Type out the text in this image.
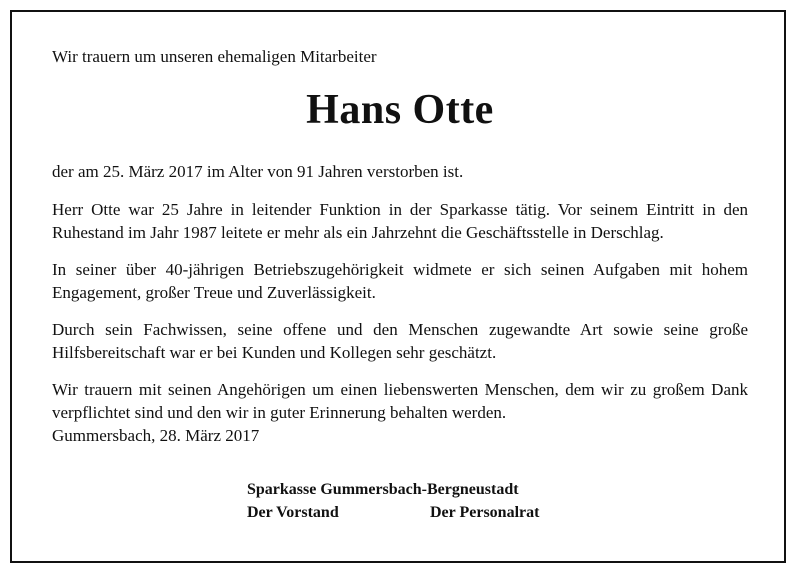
Wir trauern um unseren ehemaligen Mitarbeiter
Hans Otte
der am 25. März 2017 im Alter von 91 Jahren verstorben ist.

Herr Otte war 25 Jahre in leitender Funktion in der Sparkasse tätig. Vor seinem Eintritt in den Ruhestand im Jahr 1987 leitete er mehr als ein Jahrzehnt die Geschäftsstelle in Derschlag.

In seiner über 40-jährigen Betriebszugehörigkeit widmete er sich seinen Aufgaben mit hohem Engagement, großer Treue und Zuverlässigkeit.

Durch sein Fachwissen, seine offene und den Menschen zugewandte Art sowie seine große Hilfsbereitschaft war er bei Kunden und Kollegen sehr geschätzt.

Wir trauern mit seinen Angehörigen um einen liebenswerten Menschen, dem wir zu großem Dank verpflichtet sind und den wir in guter Erinnerung behalten werden.

Gummersbach, 28. März 2017
Sparkasse Gummersbach-Bergneustadt
Der Vorstand	Der Personalrat
